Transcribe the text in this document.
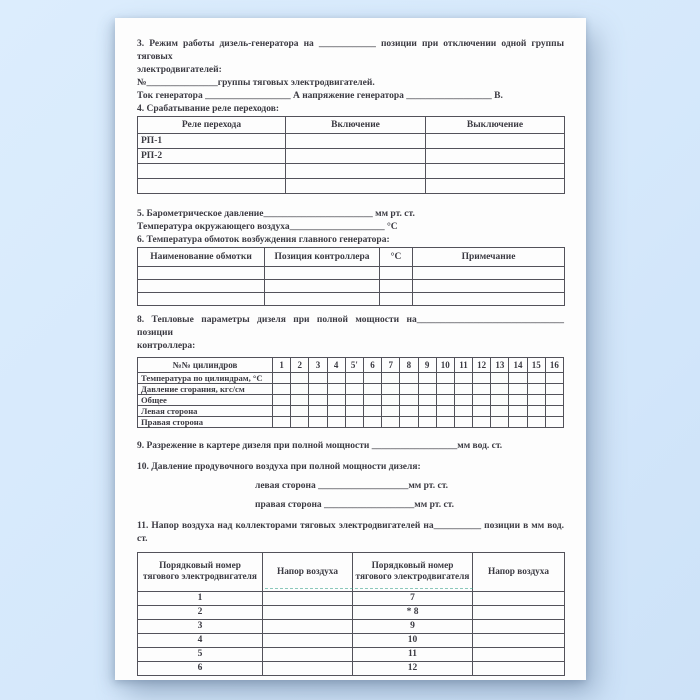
3. Режим работы дизель-генератора на ____________ позиции при отключении одной группы тяговых
электродвигателей:
№_______________группы тяговых электродвигателей.
Ток генератора __________________ А напряжение генератора __________________ В.
4. Срабатывание реле переходов:
Реле перехода	Включение	Выключение
РП-1		
РП-2		

5. Барометрическое давление_______________________ мм рт. ст.
Температура окружающего воздуха____________________ °С
6. Температура обмоток возбуждения главного генератора:
Наименование обмотки	Позиция контроллера	°С	Примечание

8. Тепловые параметры дизеля при полной мощности на_______________________________ позиции
контроллера:
№№ цилиндров	1	2	3	4	5'	6	7	8	9	10	11	12	13	14	15	16
Температура по цилиндрам, °С																

Давление сгорания, кгс/см																

Общее																

Левая сторона																

Правая сторона																

9. Разрежение в картере дизеля при полной мощности __________________мм вод. ст.
10. Давление продувочного воздуха при полной мощности дизеля:
левая сторона ___________________мм рт. ст.
правая сторона ___________________мм рт. ст.
11. Напор воздуха над коллекторами тяговых электродвигателей на__________ позиции в мм вод. ст.
Порядковый номер тягового электродвигателя	Напор воздуха	Порядковый номер тягового электродвигателя	Напор воздуха
1		7	
2		* 8	
3		9	
4		10	
5		11	
6		12	
